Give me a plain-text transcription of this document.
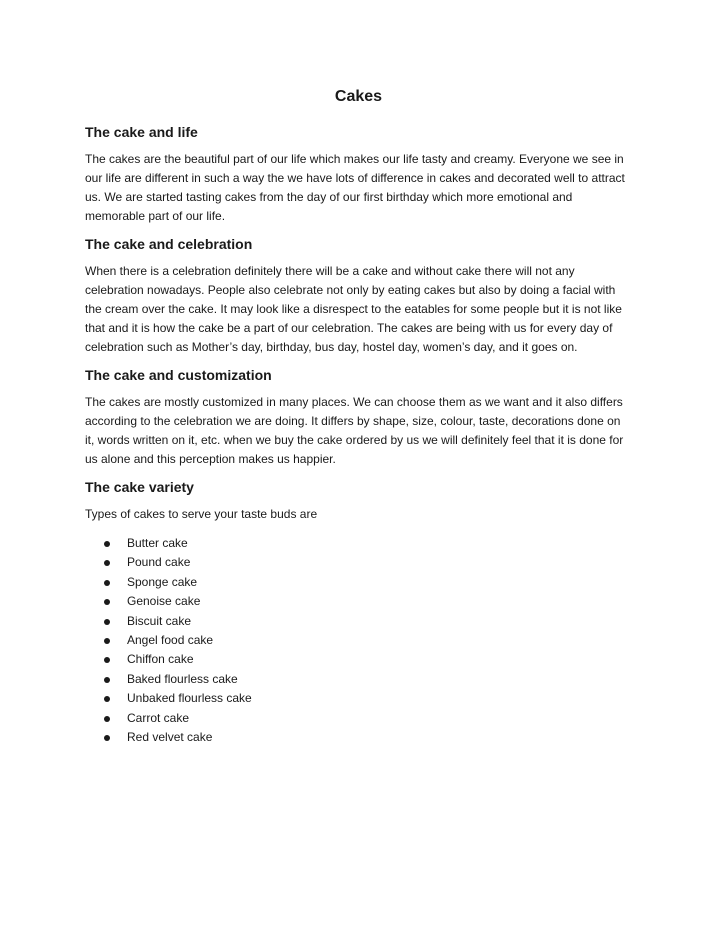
Cakes
The cake and life

The cakes are the beautiful part of our life which makes our life tasty and creamy. Everyone we see in our life are different in such a way the we have lots of difference in cakes and decorated well to attract us. We are started tasting cakes from the day of our first birthday which more emotional and memorable part of our life.

The cake and celebration

When there is a celebration definitely there will be a cake and without cake there will not any celebration nowadays. People also celebrate not only by eating cakes but also by doing a facial with the cream over the cake. It may look like a disrespect to the eatables for some people but it is not like that and it is how the cake be a part of our celebration. The cakes are being with us for every day of celebration such as Mother’s day, birthday, bus day, hostel day, women’s day, and it goes on.

The cake and customization

The cakes are mostly customized in many places. We can choose them as we want and it also differs according to the celebration we are doing. It differs by shape, size, colour, taste, decorations done on it, words written on it, etc. when we buy the cake ordered by us we will definitely feel that it is done for us alone and this perception makes us happier.

The cake variety

Types of cakes to serve your taste buds are

Butter cake
Pound cake
Sponge cake
Genoise cake
Biscuit cake
Angel food cake
Chiffon cake
Baked flourless cake
Unbaked flourless cake
Carrot cake
Red velvet cake
